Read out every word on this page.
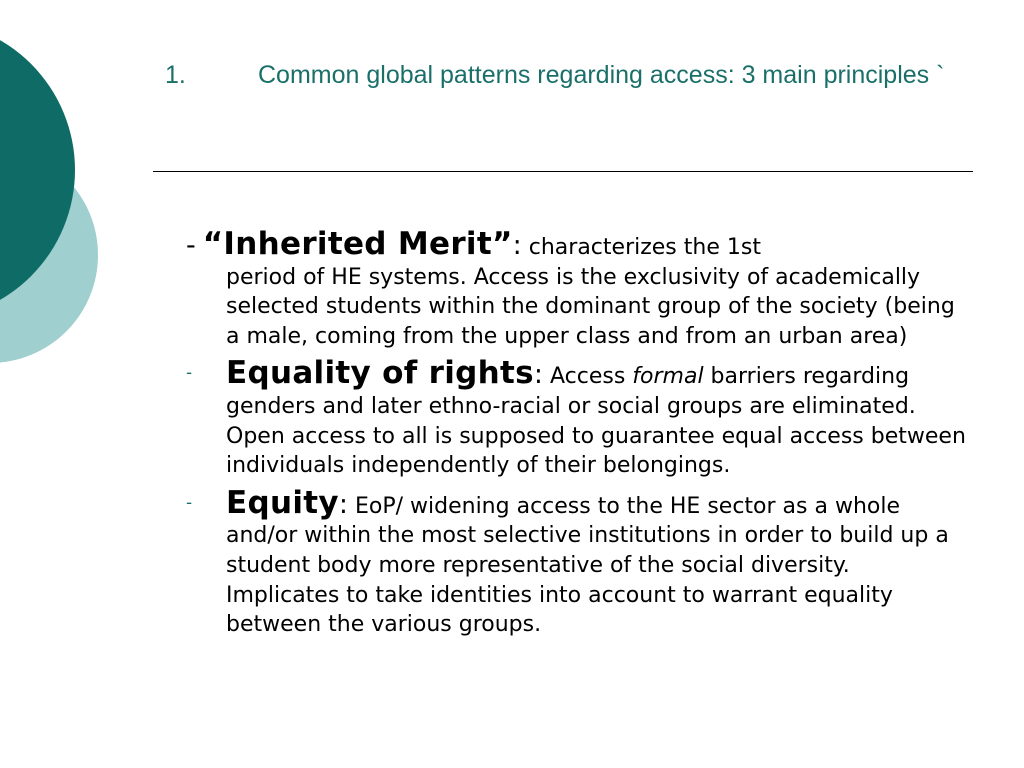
1.	Common global patterns regarding access: 3 main principles `
- “Inherited Merit”: characterizes the 1st
period of HE systems. Access is the exclusivity of academically selected students within the dominant group of the society (being a male, coming from the upper class and from an urban area)
- Equality of rights: Access formal barriers regarding genders and later ethno-racial or social groups are eliminated. Open access to all is supposed to guarantee equal access between individuals independently of their belongings.
- Equity: EoP/ widening access to the HE sector as a whole and/or within the most selective institutions in order to build up a student body more representative of the social diversity. Implicates to take identities into account to warrant equality between the various groups.
